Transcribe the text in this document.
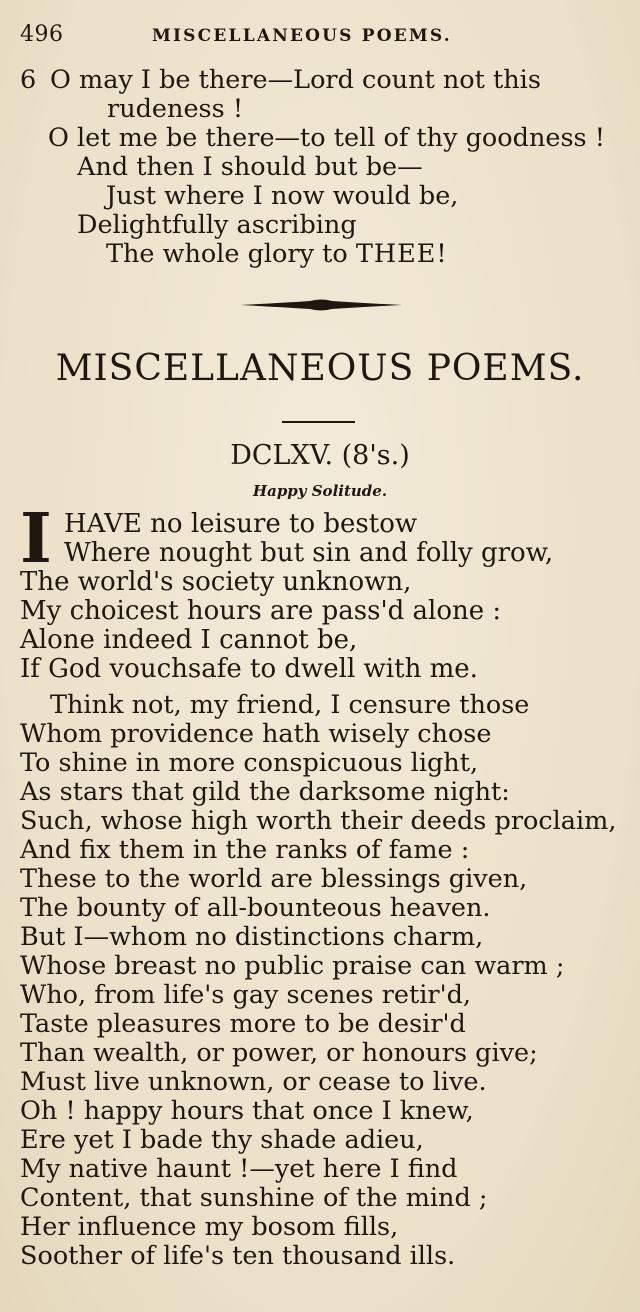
496	MISCELLANEOUS POEMS.
6 O may I be there—Lord count not this
rudeness !
O let me be there—to tell of thy goodness !
And then I should but be—
Just where I now would be,
Delightfully ascribing
The whole glory to THEE!
MISCELLANEOUS POEMS.
DCLXV. (8's.)
Happy Solitude.
I HAVE no leisure to bestow
Where nought but sin and folly grow,
The world's society unknown,
My choicest hours are pass'd alone :
Alone indeed I cannot be,
If God vouchsafe to dwell with me.
Think not, my friend, I censure those
Whom providence hath wisely chose
To shine in more conspicuous light,
As stars that gild the darksome night:
Such, whose high worth their deeds proclaim,
And fix them in the ranks of fame :
These to the world are blessings given,
The bounty of all-bounteous heaven.
But I—whom no distinctions charm,
Whose breast no public praise can warm ;
Who, from life's gay scenes retir'd,
Taste pleasures more to be desir'd
Than wealth, or power, or honours give;
Must live unknown, or cease to live.
Oh ! happy hours that once I knew,
Ere yet I bade thy shade adieu,
My native haunt !—yet here I find
Content, that sunshine of the mind ;
Her influence my bosom fills,
Soother of life's ten thousand ills.
